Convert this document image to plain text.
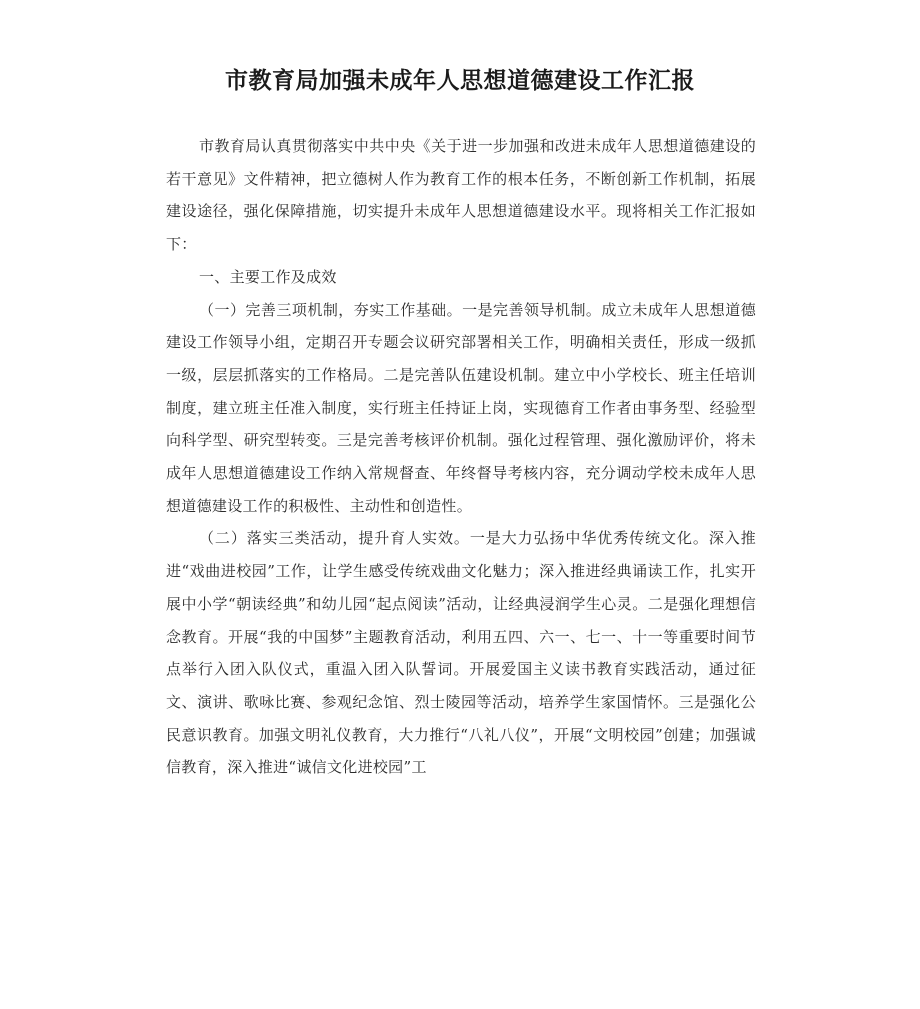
市教育局加强未成年人思想道德建设工作汇报

市教育局认真贯彻落实中共中央《关于进一步加强和改进未成年人思想道德建设的若干意见》文件精神，把立德树人作为教育工作的根本任务，不断创新工作机制，拓展建设途径，强化保障措施，切实提升未成年人思想道德建设水平。现将相关工作汇报如下：

一、主要工作及成效

（一）完善三项机制，夯实工作基础。一是完善领导机制。成立未成年人思想道德建设工作领导小组，定期召开专题会议研究部署相关工作，明确相关责任，形成一级抓一级，层层抓落实的工作格局。二是完善队伍建设机制。建立中小学校长、班主任培训制度，建立班主任准入制度，实行班主任持证上岗，实现德育工作者由事务型、经验型向科学型、研究型转变。三是完善考核评价机制。强化过程管理、强化激励评价，将未成年人思想道德建设工作纳入常规督查、年终督导考核内容，充分调动学校未成年人思想道德建设工作的积极性、主动性和创造性。

（二）落实三类活动，提升育人实效。一是大力弘扬中华优秀传统文化。深入推进“戏曲进校园”工作，让学生感受传统戏曲文化魅力；深入推进经典诵读工作，扎实开展中小学“朝读经典”和幼儿园“起点阅读”活动，让经典浸润学生心灵。二是强化理想信念教育。开展“我的中国梦”主题教育活动，利用五四、六一、七一、十一等重要时间节点举行入团入队仪式，重温入团入队誓词。开展爱国主义读书教育实践活动，通过征文、演讲、歌咏比赛、参观纪念馆、烈士陵园等活动，培养学生家国情怀。三是强化公民意识教育。加强文明礼仪教育，大力推行“八礼八仪”，开展“文明校园”创建；加强诚信教育，深入推进“诚信文化进校园”工
